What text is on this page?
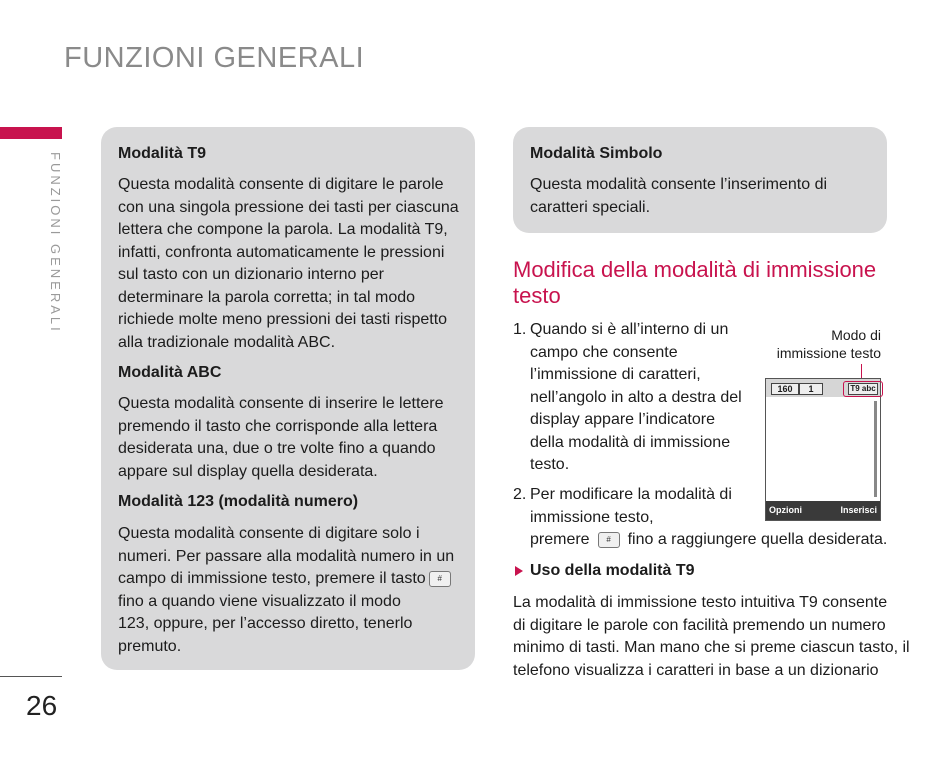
FUNZIONI GENERALI
FUNZIONI GENERALI
26
Modalità T9
Questa modalità consente di digitare le parole
con una singola pressione dei tasti per ciascuna
lettera che compone la parola. La modalità T9,
infatti, confronta automaticamente le pressioni
sul tasto con un dizionario interno per
determinare la parola corretta; in tal modo
richiede molte meno pressioni dei tasti rispetto
alla tradizionale modalità ABC.
Modalità ABC
Questa modalità consente di inserire le lettere
premendo il tasto che corrisponde alla lettera
desiderata una, due o tre volte fino a quando
appare sul display quella desiderata.
Modalità 123 (modalità numero)
Questa modalità consente di digitare solo i
numeri. Per passare alla modalità numero in un
campo di immissione testo, premere il tasto #
fino a quando viene visualizzato il modo
123, oppure, per l’accesso diretto, tenerlo
premuto.
Modalità Simbolo
Questa modalità consente l’inserimento di
caratteri speciali.
Modifica della modalità di immissione testo
1. Quando si è all’interno di un
campo che consente
l’immissione di caratteri,
nell’angolo in alto a destra del
display appare l’indicatore
della modalità di immissione
testo.
2. Per modificare la modalità di
immissione testo,
premere # fino a raggiungere quella desiderata.
Modo di
immissione testo
160	1	T9 abc
Opzioni	Inserisci
Uso della modalità T9
La modalità di immissione testo intuitiva T9 consente
di digitare le parole con facilità premendo un numero
minimo di tasti. Man mano che si preme ciascun tasto, il
telefono visualizza i caratteri in base a un dizionario
